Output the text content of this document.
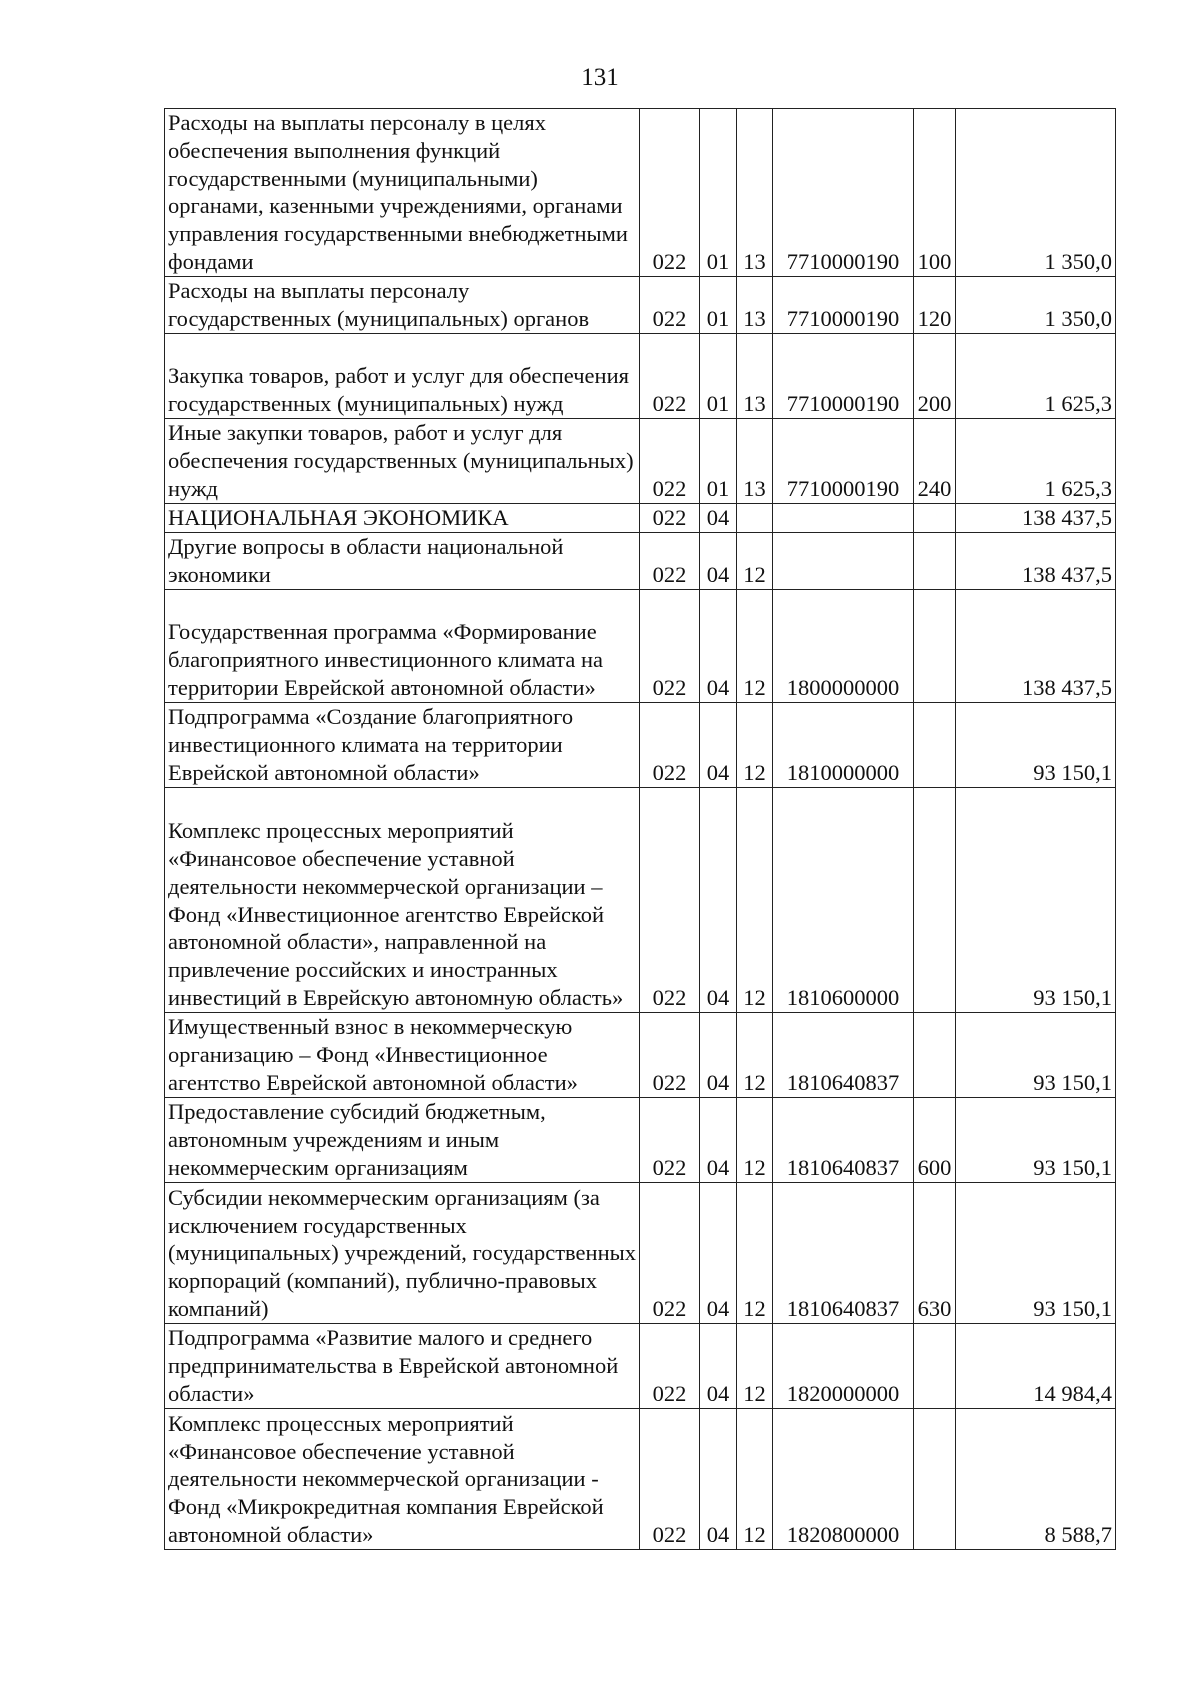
131
Расходы на выплаты персоналу в целях обеспечения выполнения функций государственными (муниципальными) органами, казенными учреждениями, органами управления государственными внебюджетными фондами	022	01	13	7710000190	100	1 350,0
Расходы на выплаты персоналу государственных (муниципальных) органов	022	01	13	7710000190	120	1 350,0
Закупка товаров, работ и услуг для обеспечения государственных (муниципальных) нужд	022	01	13	7710000190	200	1 625,3
Иные закупки товаров, работ и услуг для обеспечения государственных (муниципальных) нужд	022	01	13	7710000190	240	1 625,3
НАЦИОНАЛЬНАЯ ЭКОНОМИКА	022	04				138 437,5
Другие вопросы в области национальной экономики	022	04	12			138 437,5
Государственная программа «Формирование благоприятного инвестиционного климата на территории Еврейской автономной области»	022	04	12	1800000000		138 437,5
Подпрограмма «Создание благоприятного инвестиционного климата на территории Еврейской автономной области»	022	04	12	1810000000		93 150,1
Комплекс процессных мероприятий «Финансовое обеспечение уставной деятельности некоммерческой организации – Фонд «Инвестиционное агентство Еврейской автономной области», направленной на привлечение российских и иностранных инвестиций в Еврейскую автономную область»	022	04	12	1810600000		93 150,1
Имущественный взнос в некоммерческую организацию – Фонд «Инвестиционное агентство Еврейской автономной области»	022	04	12	1810640837		93 150,1
Предоставление субсидий бюджетным, автономным учреждениям и иным некоммерческим организациям	022	04	12	1810640837	600	93 150,1
Субсидии некоммерческим организациям (за исключением государственных (муниципальных) учреждений, государственных корпораций (компаний), публично-правовых компаний)	022	04	12	1810640837	630	93 150,1
Подпрограмма «Развитие малого и среднего предпринимательства в Еврейской автономной области»	022	04	12	1820000000		14 984,4
Комплекс процессных мероприятий «Финансовое обеспечение уставной деятельности некоммерческой организации - Фонд «Микрокредитная компания Еврейской автономной области»	022	04	12	1820800000		8 588,7
